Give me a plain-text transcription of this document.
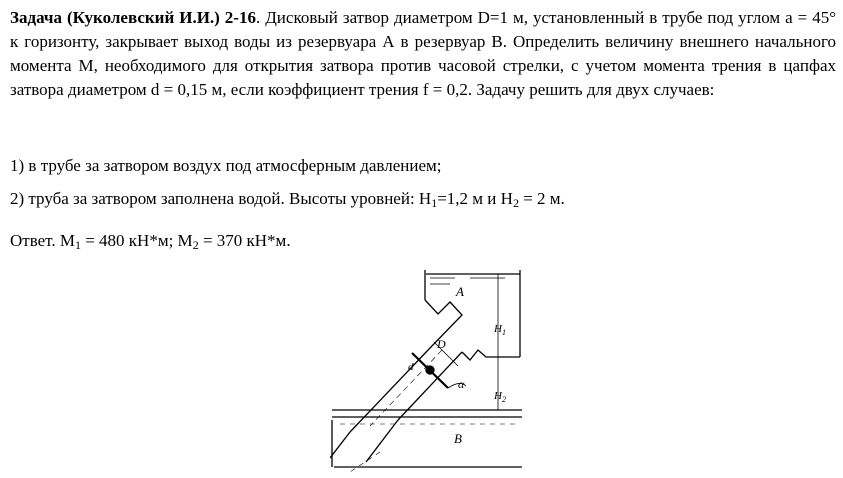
Задача (Куколевский И.И.) 2-16. Дисковый затвор диаметром D=1 м, установленный в трубе под углом a = 45° к горизонту, закрывает выход воды из резервуара А в резервуар В. Определить величину внешнего начального момента М, необходимого для открытия затвора против часовой стрелки, с учетом момента трения в цапфах затвора диаметром d = 0,15 м, если коэффициент трения f = 0,2. Задачу решить для двух случаев:
1) в трубе за затвором воздух под атмосферным давлением;
2) труба за затвором заполнена водой. Высоты уровней: $H_1=1,2$ м и $H_2 = 2$ м.
Ответ. $M_1 = 480$ кН*м; $M_2 = 370$ кН*м.
A
B
D
d
α
$H_1$
$H_2$
